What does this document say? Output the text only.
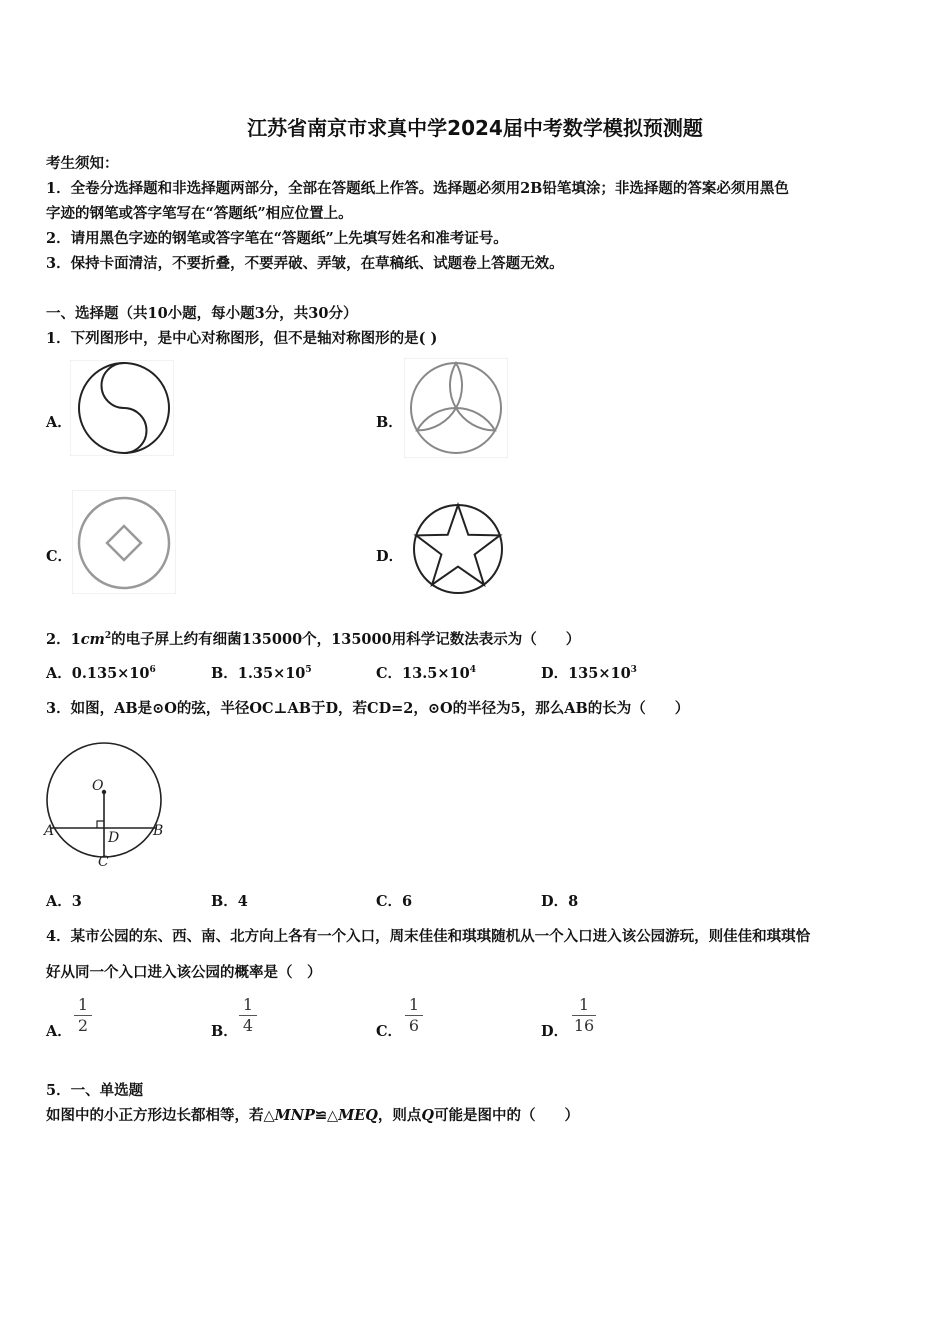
江苏省南京市求真中学2024届中考数学模拟预测题
考生须知：
1．全卷分选择题和非选择题两部分，全部在答题纸上作答。选择题必须用2B铅笔填涂；非选择题的答案必须用黑色
字迹的钢笔或答字笔写在“答题纸”相应位置上。
2．请用黑色字迹的钢笔或答字笔在“答题纸”上先填写姓名和准考证号。
3．保持卡面清洁，不要折叠，不要弄破、弄皱，在草稿纸、试题卷上答题无效。
一、选择题（共10小题，每小题3分，共30分）
1．下列图形中，是中心对称图形，但不是轴对称图形的是( )
A．	B．
C．	D．
2．$1cm^2$的电子屏上约有细菌135000个，135000用科学记数法表示为（　　）
A．$0.135\times 10^6$	B．$1.35\times 10^5$	C．$13.5\times 10^4$	D．$135\times 10^3$
3．如图，AB是⊙O的弦，半径OC⊥AB于D，若CD=2，⊙O的半径为5，那么AB的长为（　　）
O
A	B
D
C
A．3	B．4	C．6	D．8
4．某市公园的东、西、南、北方向上各有一个入口，周末佳佳和琪琪随机从一个入口进入该公园游玩，则佳佳和琪琪恰
好从同一个入口进入该公园的概率是（　）
A．
1
2	B．
1
4	C．
1
6	D．
1
16
5．一、单选题
如图中的小正方形边长都相等，若△MNP≌△MEQ，则点Q可能是图中的（　　）
